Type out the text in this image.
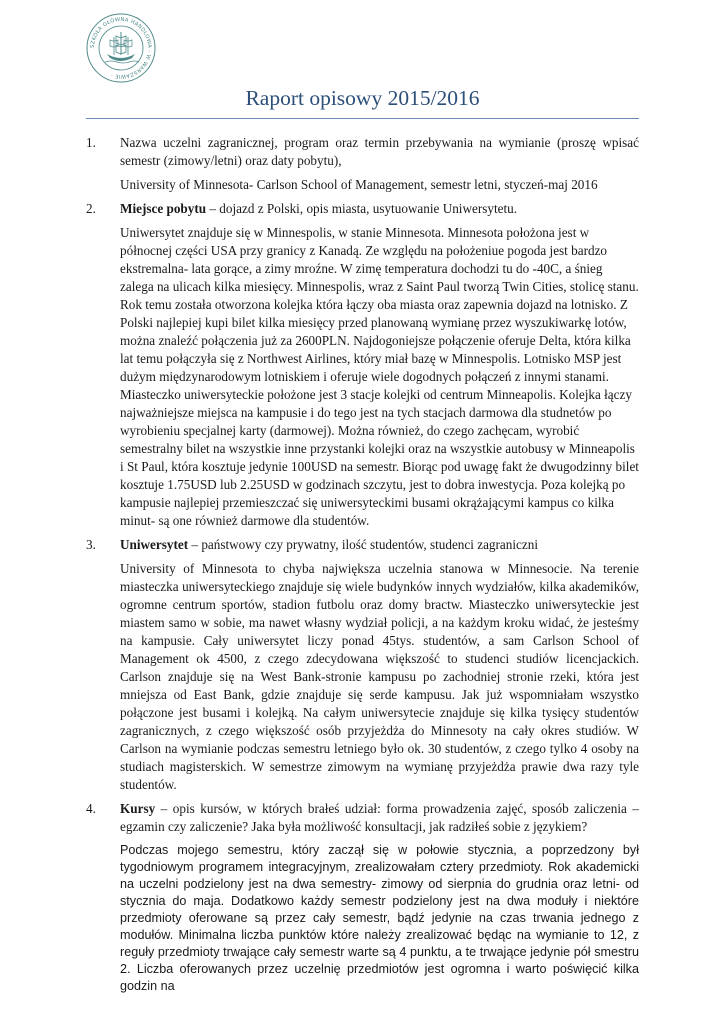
SZKOŁA GŁÓWNA HANDLOWA · W WARSZAWIE ·
Raport opisowy 2015/2016
1. Nazwa uczelni zagranicznej, program oraz termin przebywania na wymianie (proszę wpisać semestr (zimowy/letni) oraz daty pobytu),

University of Minnesota- Carlson School of Management, semestr letni, styczeń-maj 2016

2. Miejsce pobytu – dojazd z Polski, opis miasta, usytuowanie Uniwersytetu.

Uniwersytet znajduje się w Minnespolis, w stanie Minnesota. Minnesota położona jest w północnej części USA przy granicy z Kanadą. Ze względu na położeniue pogoda jest bardzo ekstremalna- lata gorące, a zimy mroźne. W zimę temperatura dochodzi tu do -40C, a śnieg zalega na ulicach kilka miesięcy. Minnespolis, wraz z Saint Paul tworzą Twin Cities, stolicę stanu. Rok temu została otworzona kolejka która łączy oba miasta oraz zapewnia dojazd na lotnisko. Z Polski najlepiej kupi bilet kilka miesięcy przed planowaną wymianę przez wyszukiwarkę lotów, można znaleźć połączenia już za 2600PLN. Najdogoniejsze połączenie oferuje Delta, która kilka lat temu połączyła się z Northwest Airlines, który miał bazę w Minnespolis. Lotnisko MSP jest dużym międzynarodowym lotniskiem i oferuje wiele dogodnych połączeń z innymi stanami. Miasteczko uniwersyteckie położone jest 3 stacje kolejki od centrum Minneapolis. Kolejka łączy najważniejsze miejsca na kampusie i do tego jest na tych stacjach darmowa dla studnetów po wyrobieniu specjalnej karty (darmowej). Można również, do czego zachęcam, wyrobić semestralny bilet na wszystkie inne przystanki kolejki oraz na wszystkie autobusy w Minneapolis i St Paul, która kosztuje jedynie 100USD na semestr. Biorąc pod uwagę fakt że dwugodzinny bilet kosztuje 1.75USD lub 2.25USD w godzinach szczytu, jest to dobra inwestycja. Poza kolejką po kampusie najlepiej przemieszczać się uniwersyteckimi busami okrążającymi kampus co kilka minut- są one również darmowe dla studentów.

3. Uniwersytet – państwowy czy prywatny, ilość studentów, studenci zagraniczni

University of Minnesota to chyba największa uczelnia stanowa w Minnesocie. Na terenie miasteczka uniwersyteckiego znajduje się wiele budynków innych wydziałów, kilka akademików, ogromne centrum sportów, stadion futbolu oraz domy bractw. Miasteczko uniwersyteckie jest miastem samo w sobie, ma nawet własny wydział policji, a na każdym kroku widać, że jesteśmy na kampusie. Cały uniwersytet liczy ponad 45tys. studentów, a sam Carlson School of Management ok 4500, z czego zdecydowana większość to studenci studiów licencjackich. Carlson znajduje się na West Bank-stronie kampusu po zachodniej stronie rzeki, która jest mniejsza od East Bank, gdzie znajduje się serde kampusu. Jak już wspomniałam wszystko połączone jest busami i kolejką. Na całym uniwersytecie znajduje się kilka tysięcy studentów zagranicznych, z czego większość osób przyjeżdża do Minnesoty na cały okres studiów. W Carlson na wymianie podczas semestru letniego było ok. 30 studentów, z czego tylko 4 osoby na studiach magisterskich. W semestrze zimowym na wymianę przyjeżdża prawie dwa razy tyle studentów.

4. Kursy – opis kursów, w których brałeś udział: forma prowadzenia zajęć, sposób zaliczenia – egzamin czy zaliczenie? Jaka była możliwość konsultacji, jak radziłeś sobie z językiem?

Podczas mojego semestru, który zaczął się w połowie stycznia, a poprzedzony był tygodniowym programem integracyjnym, zrealizowałam cztery przedmioty. Rok akademicki na uczelni podzielony jest na dwa semestry- zimowy od sierpnia do grudnia oraz letni- od stycznia do maja. Dodatkowo każdy semestr podzielony jest na dwa moduły i niektóre przedmioty oferowane są przez cały semestr, bądź jedynie na czas trwania jednego z modułów. Minimalna liczba punktów które należy zrealizować będąc na wymianie to 12, z reguły przedmioty trwające cały semestr warte są 4 punktu, a te trwające jedynie pół smestru 2. Liczba oferowanych przez uczelnię przedmiotów jest ogromna i warto poświęcić kilka godzin na
